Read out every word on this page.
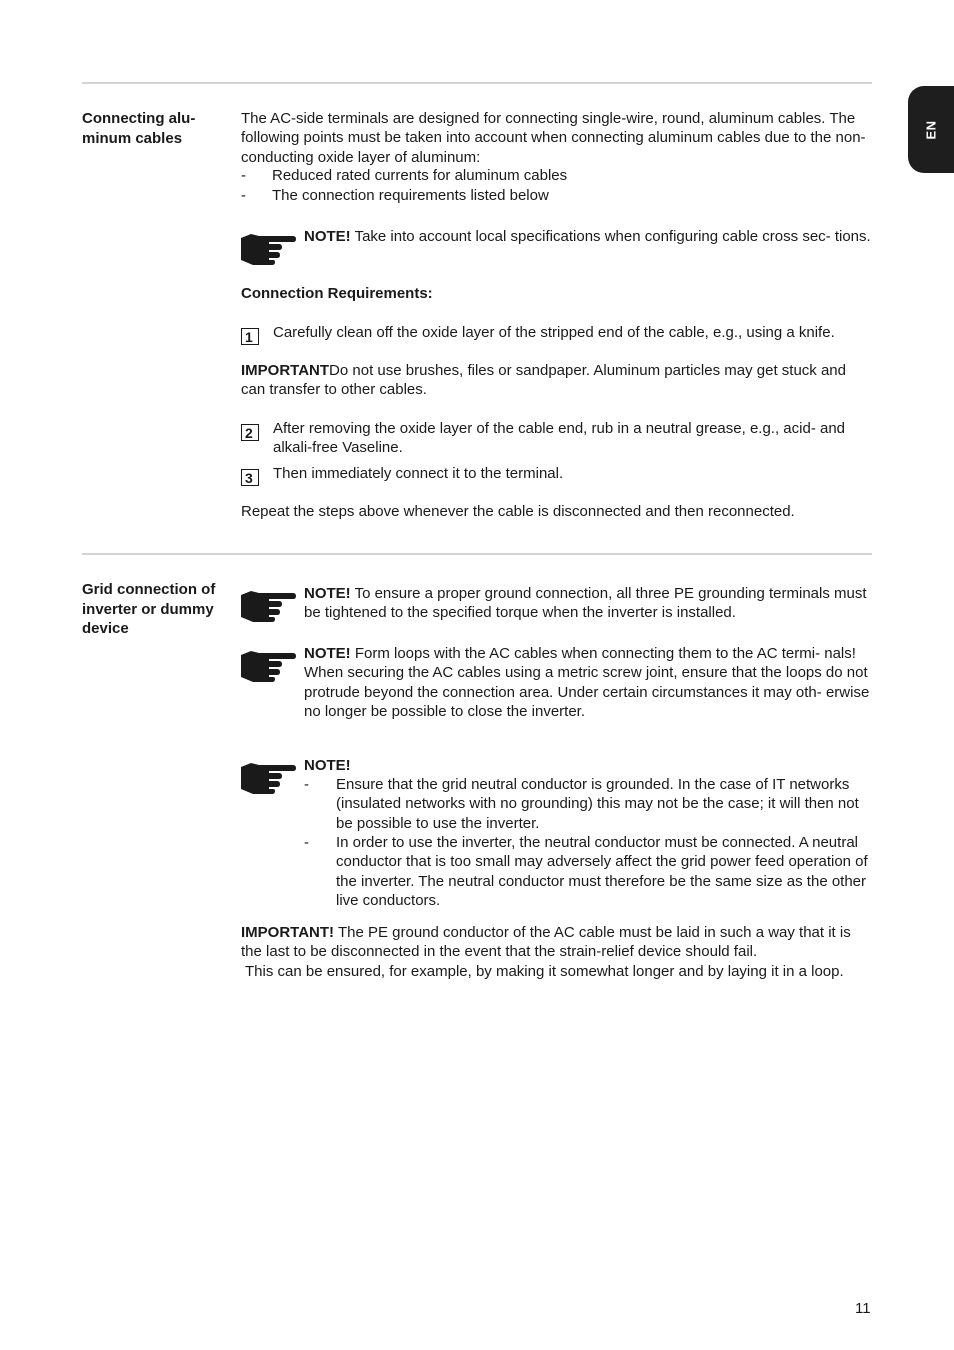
EN
Connecting alu- minum cables
The AC-side terminals are designed for connecting single-wire, round, aluminum cables. The following points must be taken into account when connecting aluminum cables due to the non-conducting oxide layer of aluminum:
- Reduced rated currents for aluminum cables
- The connection requirements listed below
NOTE! Take into account local specifications when configuring cable cross sec- tions.
Connection Requirements:
1	Carefully clean off the oxide layer of the stripped end of the cable, e.g., using a knife.
IMPORTANTDo not use brushes, files or sandpaper. Aluminum particles may get stuck and can transfer to other cables.
2	After removing the oxide layer of the cable end, rub in a neutral grease, e.g., acid- and alkali-free Vaseline.
3	Then immediately connect it to the terminal.
Repeat the steps above whenever the cable is disconnected and then reconnected.
Grid connection of inverter or dummy device
NOTE! To ensure a proper ground connection, all three PE grounding terminals must be tightened to the specified torque when the inverter is installed.
NOTE! Form loops with the AC cables when connecting them to the AC termi- nals!
When securing the AC cables using a metric screw joint, ensure that the loops do not protrude beyond the connection area. Under certain circumstances it may oth- erwise no longer be possible to close the inverter.
NOTE!
- Ensure that the grid neutral conductor is grounded. In the case of IT networks (insulated networks with no grounding) this may not be the case; it will then not be possible to use the inverter.
- In order to use the inverter, the neutral conductor must be connected. A neutral conductor that is too small may adversely affect the grid power feed operation of the inverter. The neutral conductor must therefore be the same size as the other live conductors.
IMPORTANT! The PE ground conductor of the AC cable must be laid in such a way that it is the last to be disconnected in the event that the strain-relief device should fail.
This can be ensured, for example, by making it somewhat longer and by laying it in a loop.
11
